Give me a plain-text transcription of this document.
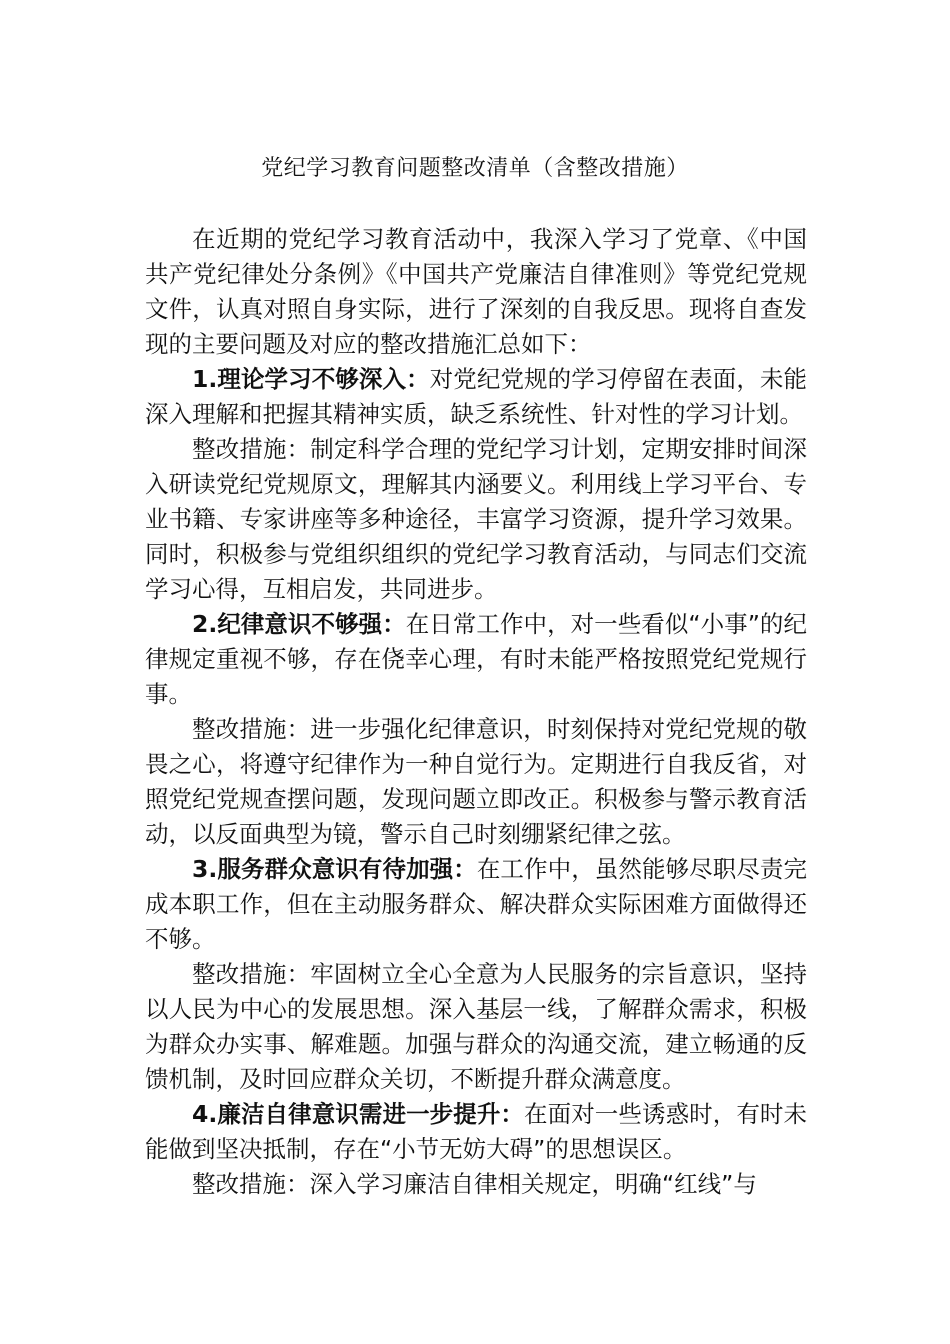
党纪学习教育问题整改清单（含整改措施）

在近期的党纪学习教育活动中，我深入学习了党章、《中国共产党纪律处分条例》《中国共产党廉洁自律准则》等党纪党规文件，认真对照自身实际，进行了深刻的自我反思。现将自查发现的主要问题及对应的整改措施汇总如下：

1.理论学习不够深入：对党纪党规的学习停留在表面，未能深入理解和把握其精神实质，缺乏系统性、针对性的学习计划。

整改措施：制定科学合理的党纪学习计划，定期安排时间深入研读党纪党规原文，理解其内涵要义。利用线上学习平台、专业书籍、专家讲座等多种途径，丰富学习资源，提升学习效果。同时，积极参与党组织组织的党纪学习教育活动，与同志们交流学习心得，互相启发，共同进步。

2.纪律意识不够强：在日常工作中，对一些看似“小事”的纪律规定重视不够，存在侥幸心理，有时未能严格按照党纪党规行事。

整改措施：进一步强化纪律意识，时刻保持对党纪党规的敬畏之心，将遵守纪律作为一种自觉行为。定期进行自我反省，对照党纪党规查摆问题，发现问题立即改正。积极参与警示教育活动，以反面典型为镜，警示自己时刻绷紧纪律之弦。

3.服务群众意识有待加强：在工作中，虽然能够尽职尽责完成本职工作，但在主动服务群众、解决群众实际困难方面做得还不够。

整改措施：牢固树立全心全意为人民服务的宗旨意识，坚持以人民为中心的发展思想。深入基层一线，了解群众需求，积极为群众办实事、解难题。加强与群众的沟通交流，建立畅通的反馈机制，及时回应群众关切，不断提升群众满意度。

4.廉洁自律意识需进一步提升：在面对一些诱惑时，有时未能做到坚决抵制，存在“小节无妨大碍”的思想误区。

整改措施：深入学习廉洁自律相关规定，明确“红线”与
